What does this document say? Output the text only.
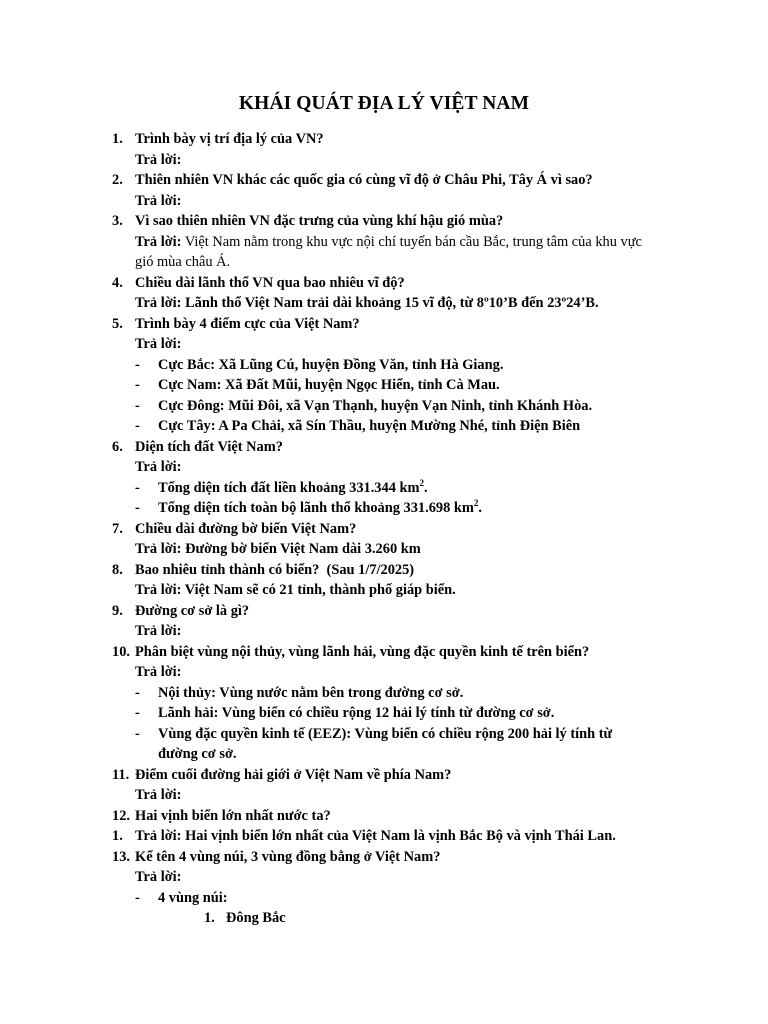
KHÁI QUÁT ĐỊA LÝ VIỆT NAM
1. Trình bày vị trí địa lý của VN?
Trả lời:
2. Thiên nhiên VN khác các quốc gia có cùng vĩ độ ở Châu Phi, Tây Á vì sao?
Trả lời:
3. Vì sao thiên nhiên VN đặc trưng của vùng khí hậu gió mùa?
Trả lời: Việt Nam nằm trong khu vực nội chí tuyến bán cầu Bắc, trung tâm của khu vực
gió mùa châu Á.
4. Chiều dài lãnh thổ VN qua bao nhiêu vĩ độ?
Trả lời: Lãnh thổ Việt Nam trải dài khoảng 15 vĩ độ, từ 8º10’B đến 23º24’B.
5. Trình bày 4 điểm cực của Việt Nam?
Trả lời:
- Cực Bắc: Xã Lũng Cú, huyện Đồng Văn, tỉnh Hà Giang.
- Cực Nam: Xã Đất Mũi, huyện Ngọc Hiển, tỉnh Cà Mau.
- Cực Đông: Mũi Đôi, xã Vạn Thạnh, huyện Vạn Ninh, tỉnh Khánh Hòa.
- Cực Tây: A Pa Chải, xã Sín Thầu, huyện Mường Nhé, tỉnh Điện Biên
6. Diện tích đất Việt Nam?
Trả lời:
- Tổng diện tích đất liền khoảng 331.344 $km^2$.
- Tổng diện tích toàn bộ lãnh thổ khoảng 331.698 $km^2$.
7. Chiều dài đường bờ biển Việt Nam?
Trả lời: Đường bờ biển Việt Nam dài 3.260 km
8. Bao nhiêu tỉnh thành có biển?  (Sau 1/7/2025)
Trả lời: Việt Nam sẽ có 21 tỉnh, thành phố giáp biển.
9. Đường cơ sở là gì?
Trả lời:
10. Phân biệt vùng nội thủy, vùng lãnh hải, vùng đặc quyền kinh tế trên biển?
Trả lời:
- Nội thủy: Vùng nước nằm bên trong đường cơ sở.
- Lãnh hải: Vùng biển có chiều rộng 12 hải lý tính từ đường cơ sở.
- Vùng đặc quyền kinh tế (EEZ): Vùng biển có chiều rộng 200 hải lý tính từ
đường cơ sở.
11. Điểm cuối đường hải giới ở Việt Nam về phía Nam?
Trả lời:
12. Hai vịnh biển lớn nhất nước ta?
1. Trả lời: Hai vịnh biển lớn nhất của Việt Nam là vịnh Bắc Bộ và vịnh Thái Lan.
13. Kể tên 4 vùng núi, 3 vùng đồng bằng ở Việt Nam?
Trả lời:
- 4 vùng núi:
1. Đông Bắc
